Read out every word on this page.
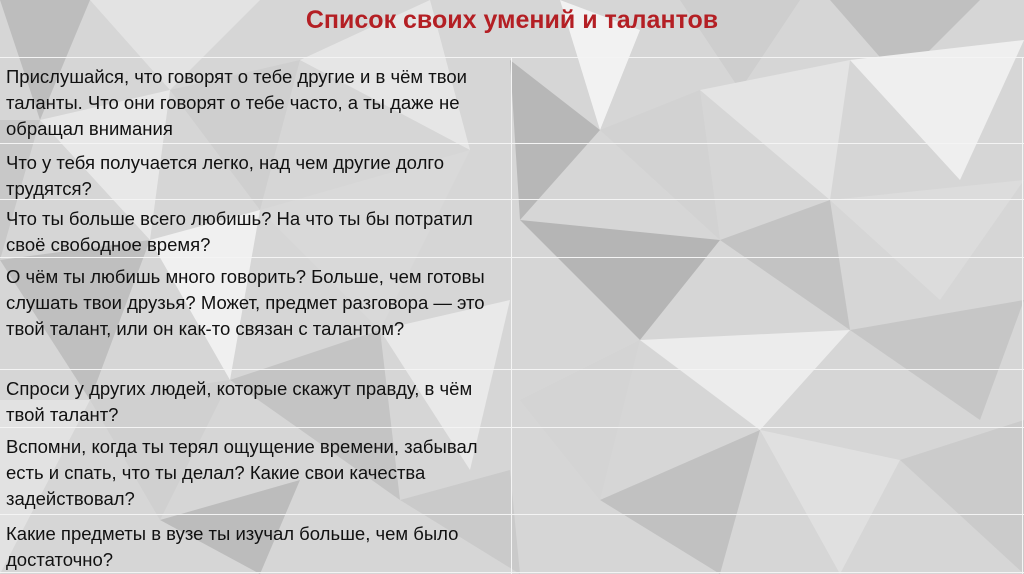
Список своих умений и талантов
Прислушайся, что говорят о тебе другие и в чём твои таланты. Что они говорят о тебе часто, а ты даже не обращал внимания
Что у тебя получается легко, над чем другие долго трудятся?
Что ты больше всего любишь? На что ты бы потратил своё свободное время?
О чём ты любишь много говорить? Больше, чем готовы слушать твои друзья? Может, предмет разговора — это твой талант, или он как-то связан с талантом?
Спроси у других людей, которые скажут правду, в чём твой талант?
Вспомни, когда ты терял ощущение времени, забывал есть и спать, что ты делал? Какие свои качества задействовал?
Какие предметы в вузе ты изучал больше, чем было достаточно?
